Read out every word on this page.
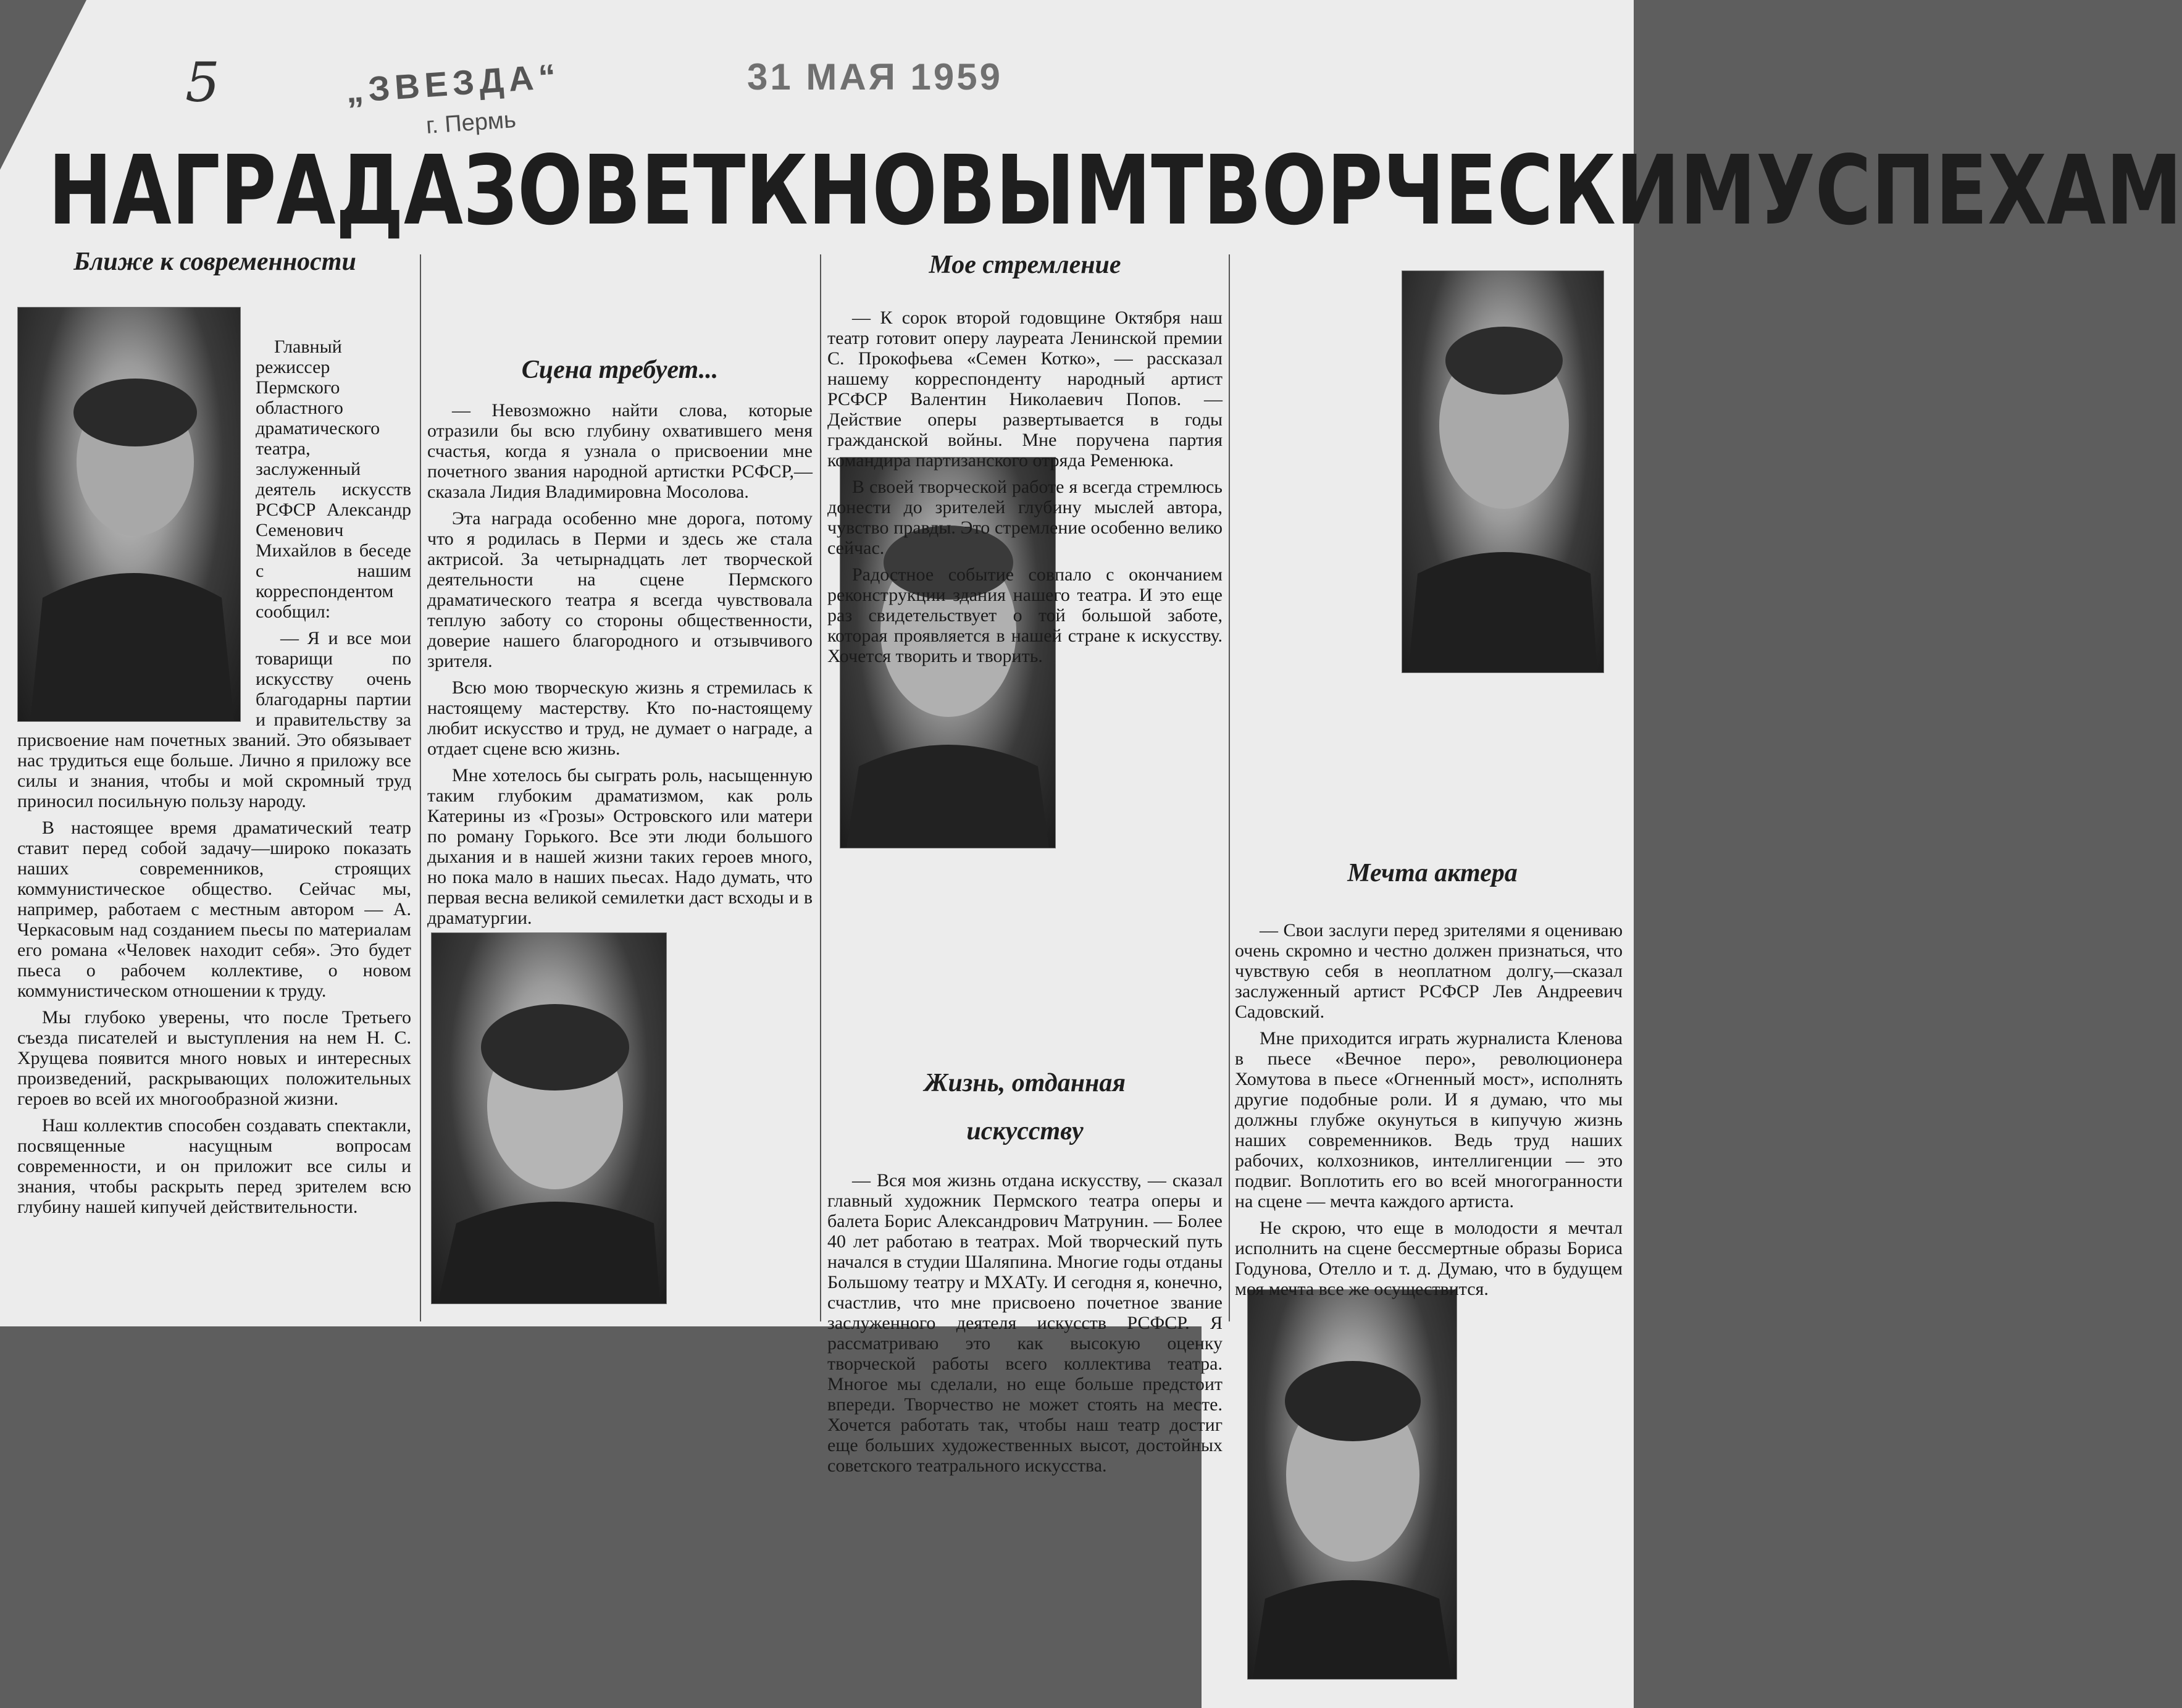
5	„ЗВЕЗДА“
г. Пермь
31 МАЯ 1959
НАГРАДА ЗОВЕТ К НОВЫМ ТВОРЧЕСКИМ УСПЕХАМ
Ближе к современности

Главный режиссер Пермского областного драматического театра, заслуженный деятель искусств РСФСР Александр Семенович Михайлов в беседе с нашим корреспондентом сообщил:

— Я и все мои товарищи по искусству очень благодарны партии и правительству за присвоение нам почетных званий. Это обязывает нас трудиться еще больше. Лично я приложу все силы и знания, чтобы и мой скромный труд приносил посильную пользу народу.

В настоящее время драматический театр ставит перед собой задачу—широко показать наших современников, строящих коммунистическое общество. Сейчас мы, например, работаем с местным автором — А. Черкасовым над созданием пьесы по материалам его романа «Человек находит себя». Это будет пьеса о рабочем коллективе, о новом коммунистическом отношении к труду.

Мы глубоко уверены, что после Третьего съезда писателей и выступления на нем Н. С. Хрущева появится много новых и интересных произведений, раскрывающих положительных героев во всей их многообразной жизни.

Наш коллектив способен создавать спектакли, посвященные насущным вопросам современности, и он приложит все силы и знания, чтобы раскрыть перед зрителем всю глубину нашей кипучей действительности.

Сцена требует...

— Невозможно найти слова, которые отразили бы всю глубину охватившего меня счастья, когда я узнала о присвоении мне почетного звания народной артистки РСФСР,—сказала Лидия Владимировна Мосолова.

Эта награда особенно мне дорога, потому что я родилась в Перми и здесь же стала актрисой. За четырнадцать лет творческой деятельности на сцене Пермского драматического театра я всегда чувствовала теплую заботу со стороны общественности, доверие нашего благородного и отзывчивого зрителя.

Всю мою творческую жизнь я стремилась к настоящему мастерству. Кто по-настоящему любит искусство и труд, не думает о награде, а отдает сцене всю жизнь.

Мне хотелось бы сыграть роль, насыщенную таким глубоким драматизмом, как роль Катерины из «Грозы» Островского или матери по роману Горького. Все эти люди большого дыхания и в нашей жизни таких героев много, но пока мало в наших пьесах. Надо думать, что первая весна великой семилетки даст всходы и в драматургии.

Мое стремление

— К сорок второй годовщине Октября наш театр готовит оперу лауреата Ленинской премии С. Прокофьева «Семен Котко», — рассказал нашему корреспонденту народный артист РСФСР Валентин Николаевич Попов. — Действие оперы развертывается в годы гражданской войны. Мне поручена партия командира партизанского отряда Ременюка.

В своей творческой работе я всегда стремлюсь донести до зрителей глубину мыслей автора, чувство правды. Это стремление особенно велико сейчас.

Радостное событие совпало с окончанием реконструкции здания нашего театра. И это еще раз свидетельствует о той большой заботе, которая проявляется в нашей стране к искусству. Хочется творить и творить.

Жизнь, отданная
искусству

— Вся моя жизнь отдана искусству, — сказал главный художник Пермского театра оперы и балета Борис Александрович Матрунин. — Более 40 лет работаю в театрах. Мой творческий путь начался в студии Шаляпина. Многие годы отданы Большому театру и МХАТу. И сегодня я, конечно, счастлив, что мне присвоено почетное звание заслуженного деятеля искусств РСФСР. Я рассматриваю это как высокую оценку творческой работы всего коллектива театра. Многое мы сделали, но еще больше предстоит впереди. Творчество не может стоять на месте. Хочется работать так, чтобы наш театр достиг еще больших художественных высот, достойных советского театрального искусства.

Мечта актера

— Свои заслуги перед зрителями я оцениваю очень скромно и честно должен признаться, что чувствую себя в неоплатном долгу,—сказал заслуженный артист РСФСР Лев Андреевич Садовский.

Мне приходится играть журналиста Кленова в пьесе «Вечное перо», революционера Хомутова в пьесе «Огненный мост», исполнять другие подобные роли. И я думаю, что мы должны глубже окунуться в кипучую жизнь наших современников. Ведь труд наших рабочих, колхозников, интеллигенции — это подвиг. Воплотить его во всей многогранности на сцене — мечта каждого артиста.

Не скрою, что еще в молодости я мечтал исполнить на сцене бессмертные образы Бориса Годунова, Отелло и т. д. Думаю, что в будущем моя мечта все же осуществится.
